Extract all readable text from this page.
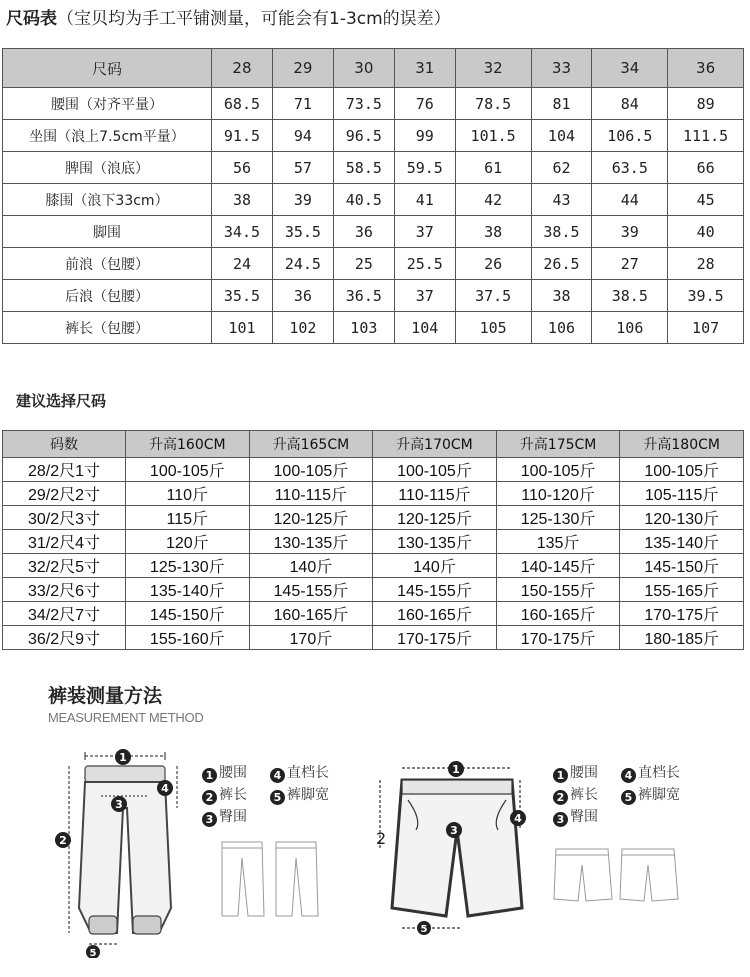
尺码表（宝贝均为手工平铺测量，可能会有1-3cm的误差）
尺码	28	29	30	31	32	33	34	36
腰围（对齐平量）	68.5	71	73.5	76	78.5	81	84	89
坐围（浪上7.5cm平量）	91.5	94	96.5	99	101.5	104	106.5	111.5
脾围（浪底）	56	57	58.5	59.5	61	62	63.5	66
膝围（浪下33cm）	38	39	40.5	41	42	43	44	45
脚围	34.5	35.5	36	37	38	38.5	39	40
前浪（包腰）	24	24.5	25	25.5	26	26.5	27	28
后浪（包腰）	35.5	36	36.5	37	37.5	38	38.5	39.5
裤长（包腰）	101	102	103	104	105	106	106	107
建议选择尺码
码数	升高160CM	升高165CM	升高170CM	升高175CM	升高180CM
28/2尺1寸	100-105斤	100-105斤	100-105斤	100-105斤	100-105斤
29/2尺2寸	110斤	110-115斤	110-115斤	110-120斤	105-115斤
30/2尺3寸	115斤	120-125斤	120-125斤	125-130斤	120-130斤
31/2尺4寸	120斤	130-135斤	130-135斤	135斤	135-140斤
32/2尺5寸	125-130斤	140斤	140斤	140-145斤	145-150斤
33/2尺6寸	135-140斤	145-155斤	145-155斤	150-155斤	155-165斤
34/2尺7寸	145-150斤	160-165斤	160-165斤	160-165斤	170-175斤
36/2尺9寸	155-160斤	170斤	170-175斤	170-175斤	180-185斤
裤装测量方法
MEASUREMENT METHOD
1 腰围 4 直档长
2 裤长 5 裤脚宽
3 臀围
1 腰围 4 直档长
2 裤长 5 裤脚宽
3 臀围
1
2
3
4
5
1
3
4
5
2
